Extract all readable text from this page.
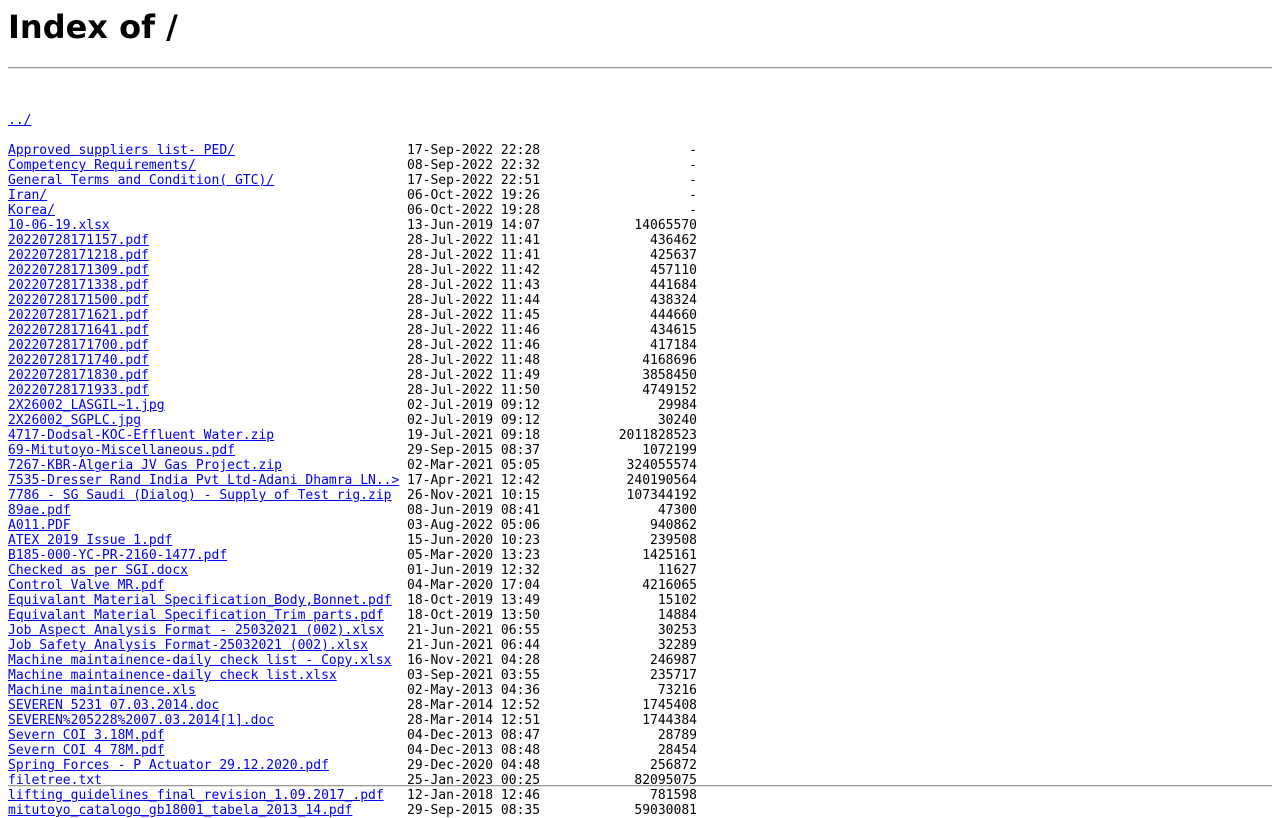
Index of /

../

Approved suppliers list- PED/	17-Sep-2022 22:28	-
Competency Requirements/	08-Sep-2022 22:32	-
General Terms and Condition( GTC)/	17-Sep-2022 22:51	-
Iran/	06-Oct-2022 19:26	-
Korea/	06-Oct-2022 19:28	-
10-06-19.xlsx	13-Jun-2019 14:07	14065570
20220728171157.pdf	28-Jul-2022 11:41	436462
20220728171218.pdf	28-Jul-2022 11:41	425637
20220728171309.pdf	28-Jul-2022 11:42	457110
20220728171338.pdf	28-Jul-2022 11:43	441684
20220728171500.pdf	28-Jul-2022 11:44	438324
20220728171621.pdf	28-Jul-2022 11:45	444660
20220728171641.pdf	28-Jul-2022 11:46	434615
20220728171700.pdf	28-Jul-2022 11:46	417184
20220728171740.pdf	28-Jul-2022 11:48	4168696
20220728171830.pdf	28-Jul-2022 11:49	3858450
20220728171933.pdf	28-Jul-2022 11:50	4749152
2X26002_LASGIL~1.jpg	02-Jul-2019 09:12	29984
2X26002_SGPLC.jpg	02-Jul-2019 09:12	30240
4717-Dodsal-KOC-Effluent Water.zip	19-Jul-2021 09:18	2011828523
69-Mitutoyo-Miscellaneous.pdf	29-Sep-2015 08:37	1072199
7267-KBR-Algeria JV Gas Project.zip	02-Mar-2021 05:05	324055574
7535-Dresser Rand India Pvt Ltd-Adani Dhamra LN..> 17-Apr-2021 12:42	240190564
7786 - SG Saudi (Dialog) - Supply of Test rig.zip 26-Nov-2021 10:15	107344192
89ae.pdf	08-Jun-2019 08:41	47300
A011.PDF	03-Aug-2022 05:06	940862
ATEX 2019 Issue 1.pdf	15-Jun-2020 10:23	239508
B185-000-YC-PR-2160-1477.pdf	05-Mar-2020 13:23	1425161
Checked as per SGI.docx	01-Jun-2019 12:32	11627
Control Valve MR.pdf	04-Mar-2020 17:04	4216065
Equivalant Material Specification_Body,Bonnet.pdf 18-Oct-2019 13:49	15102
Equivalant Material Specification_Trim parts.pdf 18-Oct-2019 13:50	14884
Job Aspect Analysis Format - 25032021 (002).xlsx 21-Jun-2021 06:55	30253
Job Safety Analysis Format-25032021 (002).xlsx	21-Jun-2021 06:44	32289
Machine maintainence-daily check list - Copy.xlsx 16-Nov-2021 04:28	246987
Machine maintainence-daily check list.xlsx	03-Sep-2021 03:55	235717
Machine maintainence.xls	02-May-2013 04:36	73216
SEVEREN 5231 07.03.2014.doc	28-Mar-2014 12:52	1745408
SEVEREN%205228%2007.03.2014[1].doc	28-Mar-2014 12:51	1744384
Severn COI 3.18M.pdf	04-Dec-2013 08:47	28789
Severn COI 4 78M.pdf	04-Dec-2013 08:48	28454
Spring Forces - P Actuator 29.12.2020.pdf	29-Dec-2020 04:48	256872
filetree.txt	25-Jan-2023 00:25	82095075
lifting_guidelines_final_revision_1.09.2017_.pdf 12-Jan-2018 12:46	781598
mitutoyo_catalogo_gb18001_tabela_2013_14.pdf	29-Sep-2015 08:35	59030081
